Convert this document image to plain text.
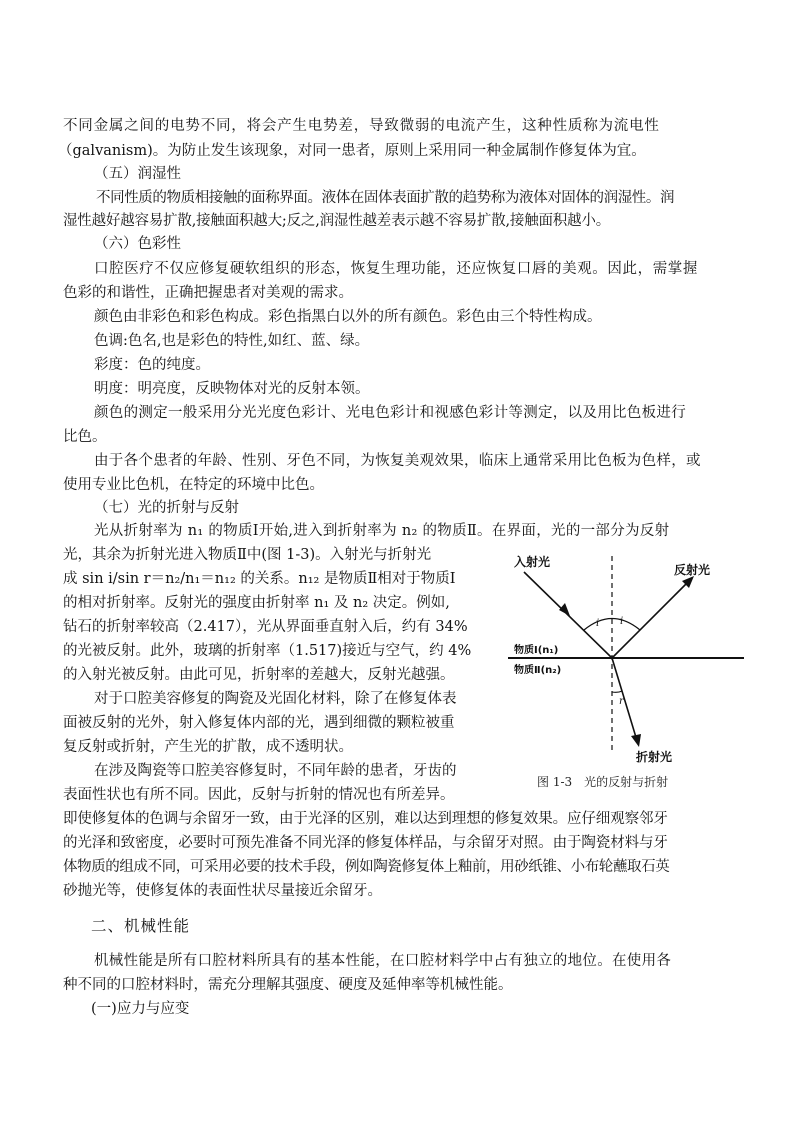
不同金属之间的电势不同，将会产生电势差，导致微弱的电流产生，这种性质称为流电性
（galvanism)。为防止发生该现象，对同一患者，原则上采用同一种金属制作修复体为宜。
（五）润湿性
不同性质的物质相接触的面称界面。液体在固体表面扩散的趋势称为液体对固体的润湿性。润
湿性越好越容易扩散,接触面积越大;反之,润湿性越差表示越不容易扩散,接触面积越小。
（六）色彩性
口腔医疗不仅应修复硬软组织的形态，恢复生理功能，还应恢复口唇的美观。因此，需掌握
色彩的和谐性，正确把握患者对美观的需求。
颜色由非彩色和彩色构成。彩色指黑白以外的所有颜色。彩色由三个特性构成。
色调:色名,也是彩色的特性,如红、蓝、绿。
彩度：色的纯度。
明度：明亮度，反映物体对光的反射本领。
颜色的测定一般采用分光光度色彩计、光电色彩计和视感色彩计等测定，以及用比色板进行
比色。
由于各个患者的年龄、性别、牙色不同，为恢复美观效果，临床上通常采用比色板为色样，或
使用专业比色机，在特定的环境中比色。
（七）光的折射与反射
光从折射率为 n₁ 的物质Ⅰ开始,进入到折射率为 n₂ 的物质Ⅱ。在界面，光的一部分为反射
光，其余为折射光进入物质Ⅱ中(图 1-3)。入射光与折射光
成 sin i/sin r＝n₂/n₁＝n₁₂ 的关系。n₁₂ 是物质Ⅱ相对于物质Ⅰ
的相对折射率。反射光的强度由折射率 n₁ 及 n₂ 决定。例如,
钻石的折射率较高（2.417），光从界面垂直射入后，约有 34%
的光被反射。此外，玻璃的折射率（1.517)接近与空气，约 4%
的入射光被反射。由此可见，折射率的差越大，反射光越强。
对于口腔美容修复的陶瓷及光固化材料，除了在修复体表
面被反射的光外，射入修复体内部的光，遇到细微的颗粒被重
复反射或折射，产生光的扩散，成不透明状。
在涉及陶瓷等口腔美容修复时，不同年龄的患者，牙齿的
表面性状也有所不同。因此，反射与折射的情况也有所差异。
即使修复体的色调与余留牙一致，由于光泽的区别，难以达到理想的修复效果。应仔细观察邻牙
的光泽和致密度，必要时可预先准备不同光泽的修复体样品，与余留牙对照。由于陶瓷材料与牙
体物质的组成不同，可采用必要的技术手段，例如陶瓷修复体上釉前，用砂纸锥、小布轮蘸取石英
砂抛光等，使修复体的表面性状尽量接近余留牙。
二、机械性能
机械性能是所有口腔材料所具有的基本性能，在口腔材料学中占有独立的地位。在使用各
种不同的口腔材料时，需充分理解其强度、硬度及延伸率等机械性能。
(一)应力与应变
入射光
反射光
i i
r
物质Ⅰ(n₁)
物质Ⅱ(n₂)
折射光
图 1-3　光的反射与折射
